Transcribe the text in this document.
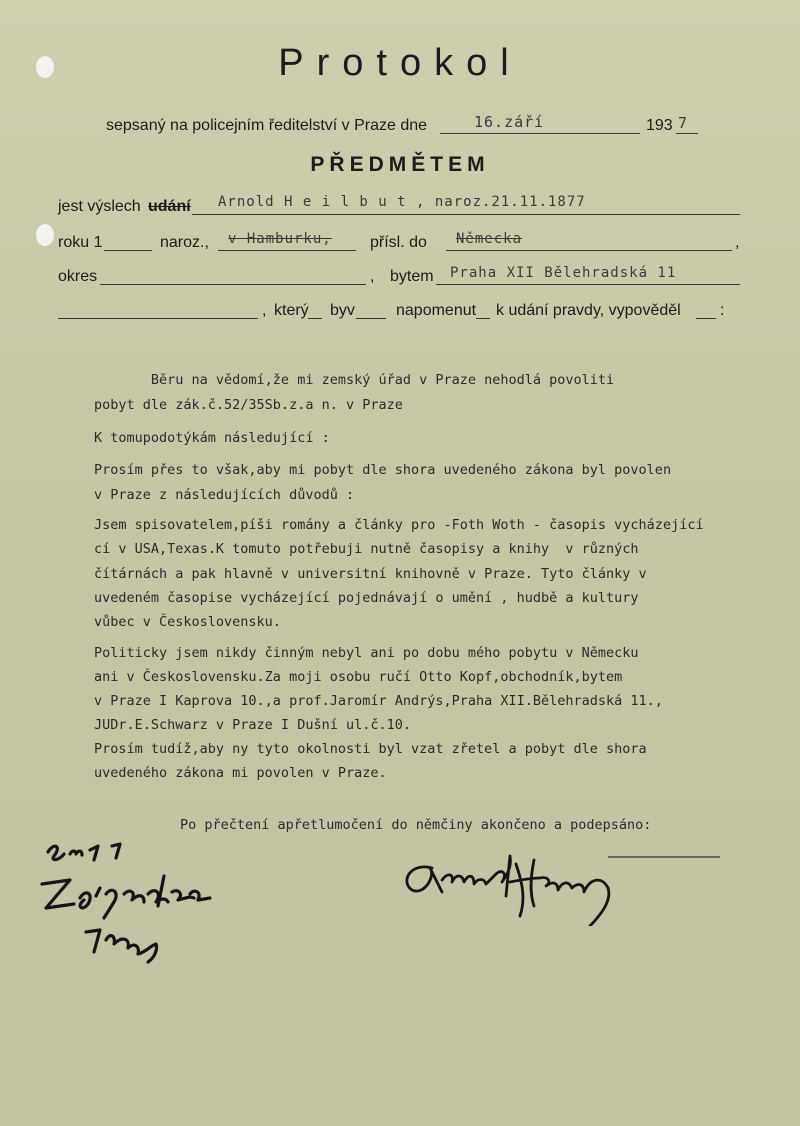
Protokol
sepsaný na policejním ředitelství v Praze dne	16.září	193 7
PŘEDMĚTEM
jest výslech udání Arnold H e i l b u t , naroz.21.11.1877
roku 1	naroz., v Hamburku, přísl. do Německa	,
okres	, bytem Praha XII Bělehradská 11
, který byv	napomenut k udání pravdy, vypověděl :
Běru na vědomí,že mi zemský úřad v Praze nehodlá povoliti
pobyt dle zák.č.52/35Sb.z.a n. v Praze
K tomupodotýkám následující :
Prosím přes to však,aby mi pobyt dle shora uvedeného zákona byl povolen
v Praze z následujících důvodů :
Jsem spisovatelem,píši romány a články pro -Foth Woth - časopis vycházející
cí v USA,Texas.K tomuto potřebuji nutně časopisy a knihy  v různých
čítárnách a pak hlavně v universitní knihovně v Praze. Tyto články v
uvedeném časopise vycházející pojednávají o umění , hudbě a kultury
vůbec v Československu.
Politicky jsem nikdy činným nebyl ani po dobu mého pobytu v Německu
ani v Československu.Za moji osobu ručí Otto Kopf,obchodník,bytem
v Praze I Kaprova 10.,a prof.Jaromír Andrýs,Praha XII.Bělehradská 11.,
JUDr.E.Schwarz v Praze I Dušní ul.č.10.
Prosím tudíž,aby ny tyto okolnosti byl vzat zřetel a pobyt dle shora
uvedeného zákona mi povolen v Praze.
Po přečtení apřetlumočení do němčiny akončeno a podepsáno:
